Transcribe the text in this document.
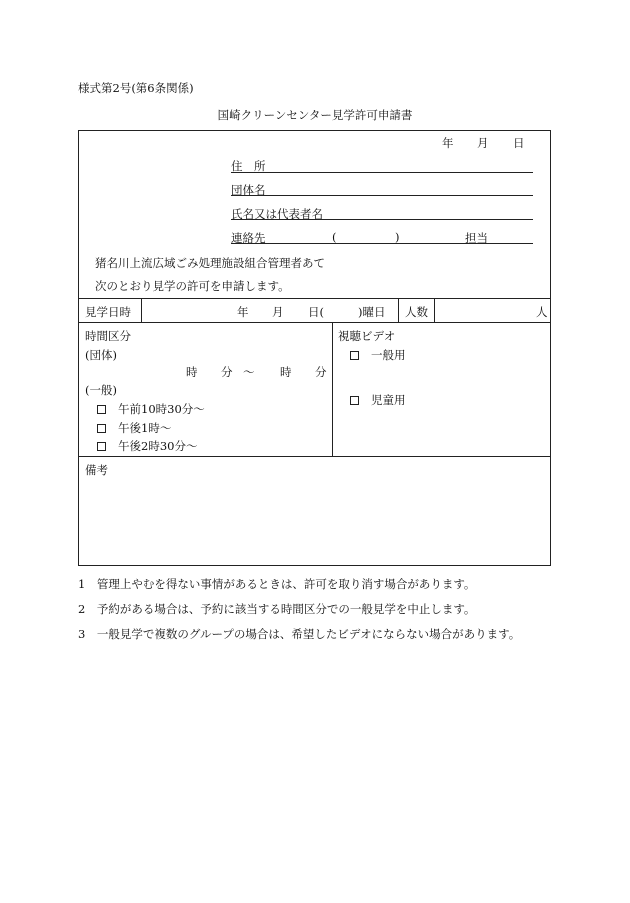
様式第2号(第6条関係)
国崎クリーンセンター見学許可申請書
年 月 日
住　所
団体名
氏名又は代表者名
連絡先	(	)	担当
猪名川上流広域ごみ処理施設組合管理者あて
次のとおり見学の許可を申請します。
見学日時	年 月 日(	)曜日 人数	人
時間区分
(団体)
時 分 〜 時 分
(一般)
午前10時30分〜
午後1時〜
午後2時30分〜
視聴ビデオ
一般用
児童用
備考
1　管理上やむを得ない事情があるときは、許可を取り消す場合があります。
2　予約がある場合は、予約に該当する時間区分での一般見学を中止します。
3　一般見学で複数のグループの場合は、希望したビデオにならない場合があります。
